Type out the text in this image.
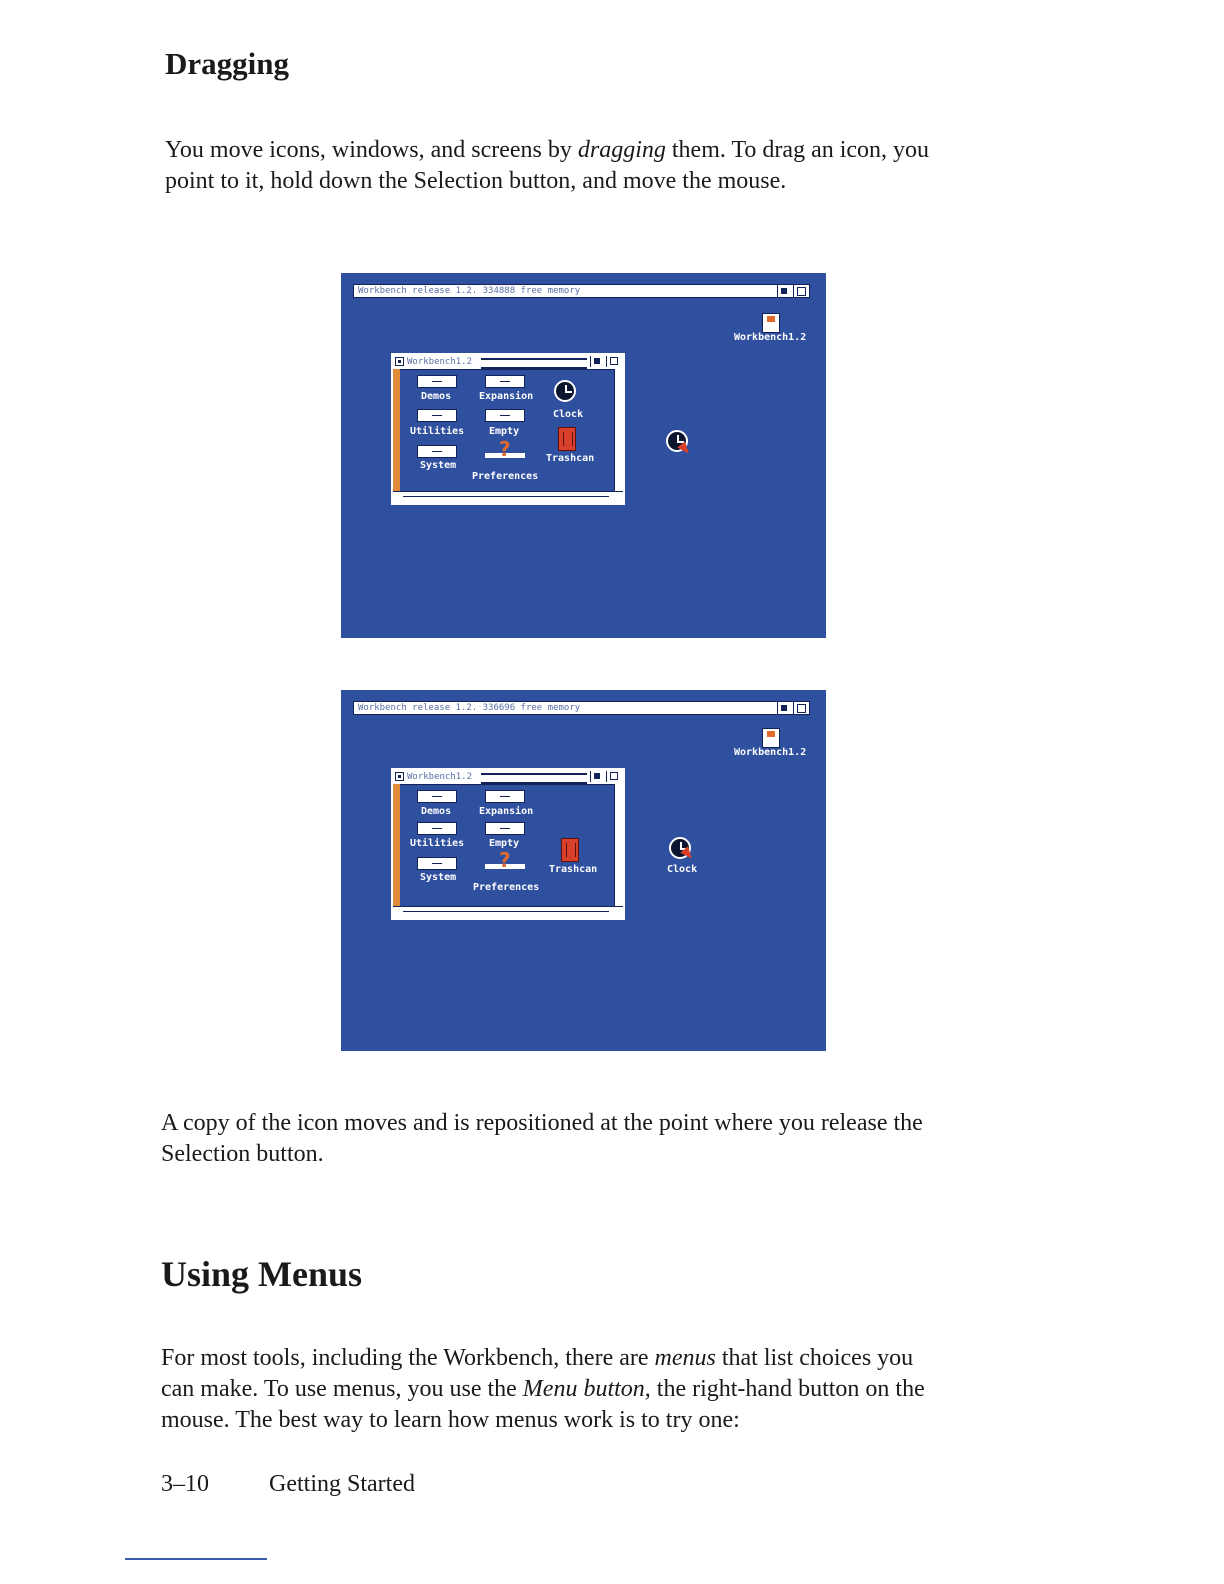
Dragging

You move icons, windows, and screens by dragging them. To drag an icon, you
point to it, hold down the Selection button, and move the mouse.

Workbench release 1.2. 334888 free memory
Workbench1.2
Workbench1.2
Demos	Expansion
Clock
Utilities Empty
Trashcan
System
?
Preferences
Workbench release 1.2. 336696 free memory
Workbench1.2
Workbench1.2
Demos	Expansion
Utilities Empty
Trashcan
System
?
Preferences
Clock

A copy of the icon moves and is repositioned at the point where you release the
Selection button.

Using Menus

For most tools, including the Workbench, there are menus that list choices you
can make. To use menus, you use the Menu button, the right-hand button on the
mouse. The best way to learn how menus work is to try one:

3–10	Getting Started
